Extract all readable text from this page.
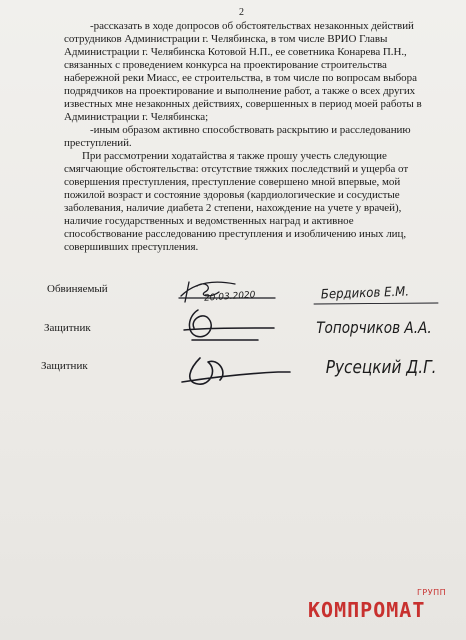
2
-рассказать в ходе допросов об обстоятельствах незаконных действий
сотрудников Администрации г. Челябинска, в том числе ВРИО Главы
Администрации г. Челябинска Котовой Н.П., ее советника Конарева П.Н.,
связанных с проведением конкурса на проектирование строительства
набережной реки Миасс, ее строительства, в том числе по вопросам выбора
подрядчиков на проектирование и выполнение работ, а также о всех других
известных мне незаконных действиях, совершенных в период моей работы в
Администрации г. Челябинска;
-иным образом активно способствовать раскрытию и расследованию
преступлений.
При рассмотрении ходатайства я также прошу учесть следующие
смягчающие обстоятельства: отсутствие тяжких последствий и ущерба от
совершения преступления, преступление совершено мной впервые, мой
пожилой возраст и состояние здоровья (кардиологические и сосудистые
заболевания, наличие диабета 2 степени, нахождение на учете у врачей),
наличие государственных и ведомственных наград и активное
способствование расследованию преступления и изобличению иных лиц,
совершивших преступления.
Обвиняемый
Защитник
Защитник
20.03.2020	Бердиков Е.М.
Топорчиков А.А.
Русецкий Д.Г.
ГРУПП
КОМПРОМАТ
